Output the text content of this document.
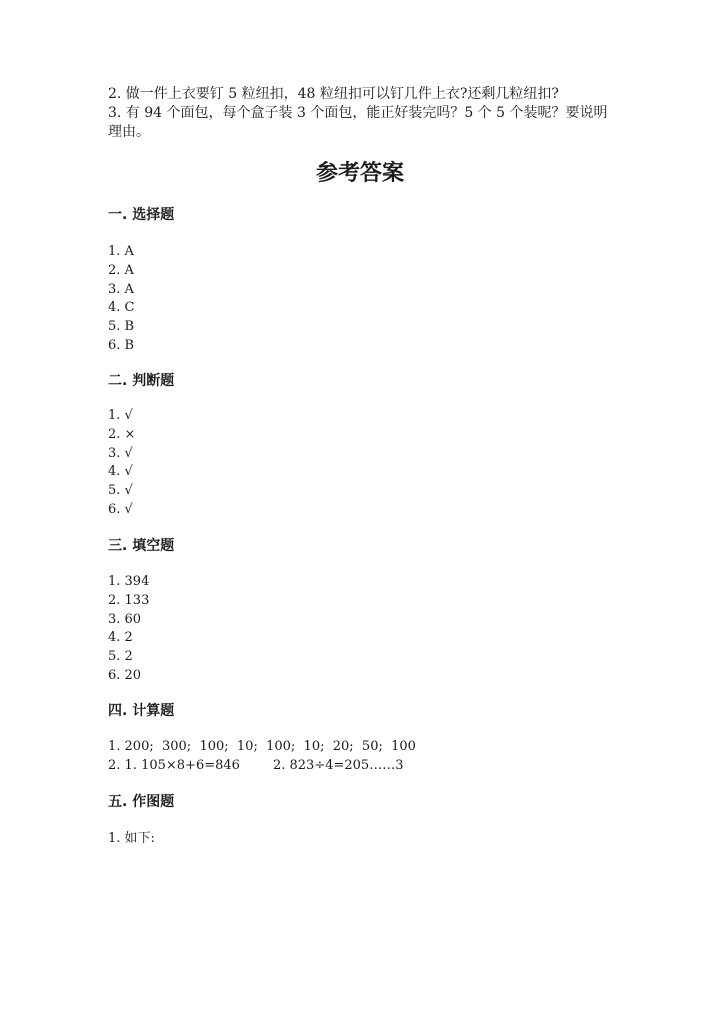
2. 做一件上衣要钉 5 粒纽扣，48 粒纽扣可以钉几件上衣?还剩几粒纽扣?

3. 有 94 个面包，每个盒子装 3 个面包，能正好装完吗？5 个 5 个装呢？要说明

理由。

参考答案
一. 选择题
1. A
2. A
3. A
4. C
5. B
6. B
二. 判断题
1. √
2. ×
3. √
4. √
5. √
6. √
三. 填空题
1. 394
2. 133
3. 60
4. 2
5. 2
6. 20
四. 计算题
1. 200;  300;  100;  10;  100;  10;  20;  50;  100
2. 1. 105×8+6=846        2. 823÷4=205……3
五. 作图题
1. 如下:
